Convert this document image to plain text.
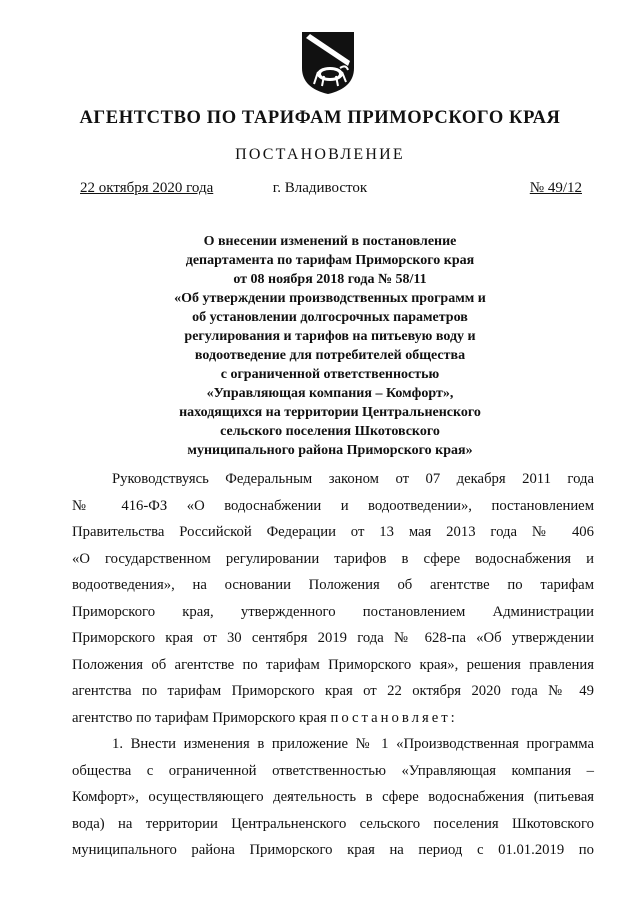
АГЕНТСТВО ПО ТАРИФАМ ПРИМОРСКОГО КРАЯ
ПОСТАНОВЛЕНИЕ
22 октября 2020 года	г. Владивосток	№ 49/12
О внесении изменений в постановление
департамента по тарифам Приморского края
от 08 ноября 2018 года № 58/11
«Об утверждении производственных программ и
об установлении долгосрочных параметров
регулирования и тарифов на питьевую воду и
водоотведение для потребителей общества
с ограниченной ответственностью
«Управляющая компания – Комфорт»,
находящихся на территории Центральненского
сельского поселения Шкотовского
муниципального района Приморского края»
Руководствуясь Федеральным законом от 07 декабря 2011 года
№ 416-ФЗ «О водоснабжении и водоотведении», постановлением
Правительства Российской Федерации от 13 мая 2013 года № 406
«О государственном регулировании тарифов в сфере водоснабжения и
водоотведения», на основании Положения об агентстве по тарифам
Приморского края, утвержденного постановлением Администрации
Приморского края от 30 сентября 2019 года № 628-па «Об утверждении
Положения об агентстве по тарифам Приморского края», решения правления
агентства по тарифам Приморского края от 22 октября 2020 года № 49
агентство по тарифам Приморского края постановляет:
1. Внести изменения в приложение № 1 «Производственная программа
общества с ограниченной ответственностью «Управляющая компания –
Комфорт», осуществляющего деятельность в сфере водоснабжения (питьевая
вода) на территории Центральненского сельского поселения Шкотовского
муниципального района Приморского края на период с 01.01.2019 по
